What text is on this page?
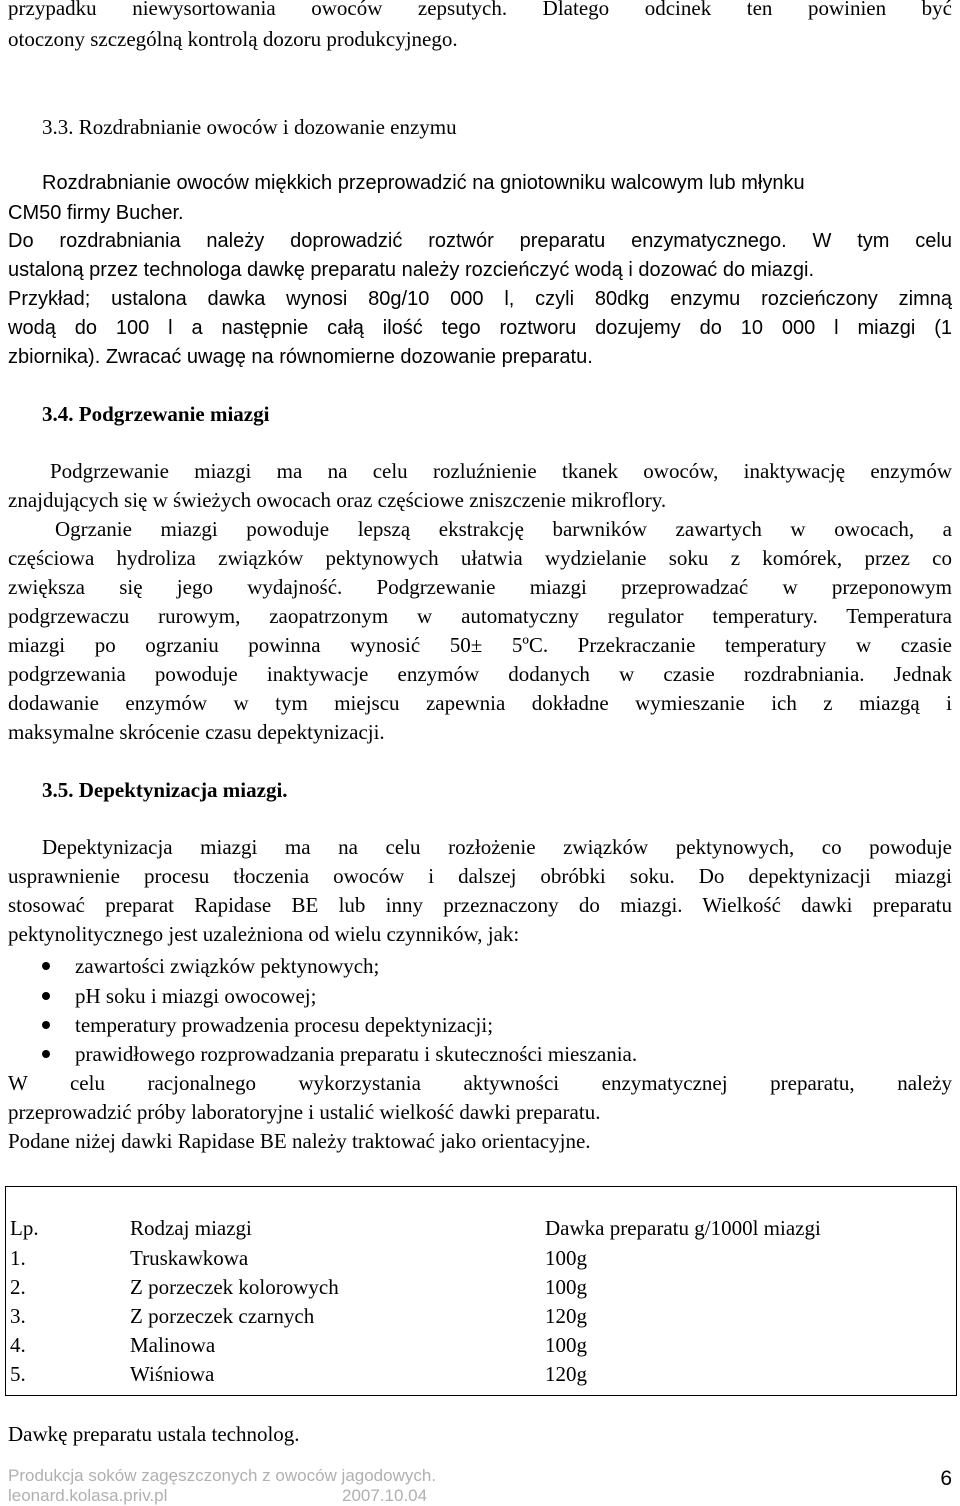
przypadku niewysortowania owoców zepsutych. Dlatego odcinek ten powinien być
otoczony szczególną kontrolą dozoru produkcyjnego.
3.3. Rozdrabnianie owoców i dozowanie enzymu
Rozdrabnianie owoców miękkich przeprowadzić na gniotowniku walcowym lub młynku
CM50 firmy Bucher.
Do rozdrabniania należy doprowadzić roztwór preparatu enzymatycznego. W tym celu
ustaloną przez technologa dawkę preparatu należy rozcieńczyć wodą i dozować do miazgi.
Przykład; ustalona dawka wynosi 80g/10 000 l, czyli 80dkg enzymu rozcieńczony zimną
wodą do 100 l a następnie całą ilość tego roztworu dozujemy do 10 000 l miazgi (1
zbiornika). Zwracać uwagę na równomierne dozowanie preparatu.
3.4. Podgrzewanie miazgi
Podgrzewanie miazgi ma na celu rozluźnienie tkanek owoców, inaktywację enzymów
znajdujących się w świeżych owocach oraz częściowe zniszczenie mikroflory.
Ogrzanie miazgi powoduje lepszą ekstrakcję barwników zawartych w owocach, a
częściowa hydroliza związków pektynowych ułatwia wydzielanie soku z komórek, przez co
zwiększa się jego wydajność. Podgrzewanie miazgi przeprowadzać w przeponowym
podgrzewaczu rurowym, zaopatrzonym w automatyczny regulator temperatury. Temperatura
miazgi po ogrzaniu powinna wynosić 50± 5ºC. Przekraczanie temperatury w czasie
podgrzewania powoduje inaktywacje enzymów dodanych w czasie rozdrabniania. Jednak
dodawanie enzymów w tym miejscu zapewnia dokładne wymieszanie ich z miazgą i
maksymalne skrócenie czasu depektynizacji.
3.5. Depektynizacja miazgi.
Depektynizacja miazgi ma na celu rozłożenie związków pektynowych, co powoduje
usprawnienie procesu tłoczenia owoców i dalszej obróbki soku. Do depektynizacji miazgi
stosować preparat Rapidase BE lub inny przeznaczony do miazgi. Wielkość dawki preparatu
pektynolitycznego jest uzależniona od wielu czynników, jak:
zawartości związków pektynowych;
pH soku i miazgi owocowej;
temperatury prowadzenia procesu depektynizacji;
prawidłowego rozprowadzania preparatu i skuteczności mieszania.
W celu racjonalnego wykorzystania aktywności enzymatycznej preparatu, należy
przeprowadzić próby laboratoryjne i ustalić wielkość dawki preparatu.
Podane niżej dawki Rapidase BE należy traktować jako orientacyjne.
Lp.	Rodzaj miazgi	Dawka preparatu g/1000l miazgi
1.	Truskawkowa	100g
2.	Z porzeczek kolorowych	100g
3.	Z porzeczek czarnych	120g
4.	Malinowa	100g
5.	Wiśniowa	120g
Dawkę preparatu ustala technolog.
Produkcja soków zagęszczonych z owoców jagodowych.
leonard.kolasa.priv.pl	2007.10.04
6
